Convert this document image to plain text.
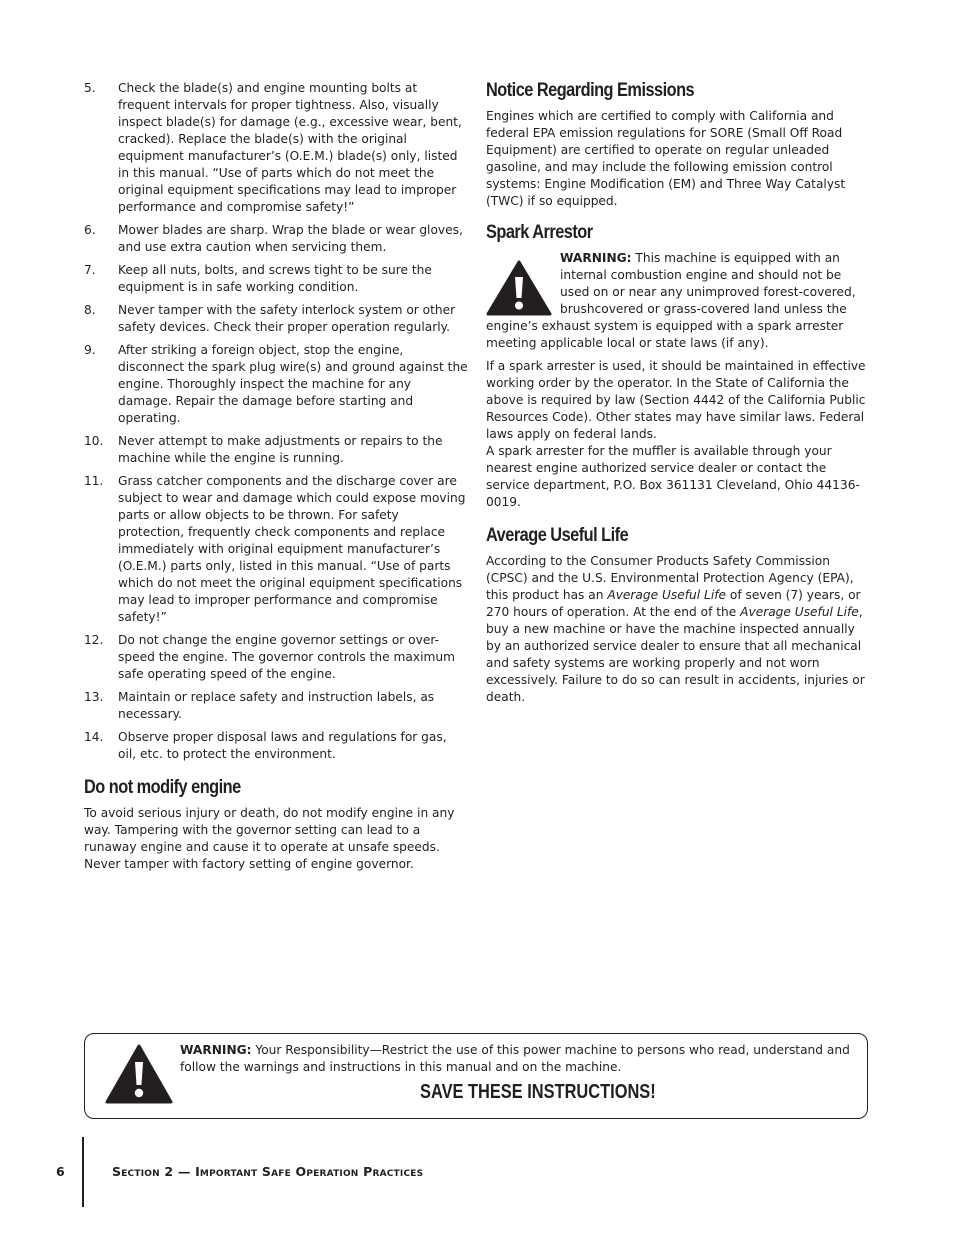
5. Check the blade(s) and engine mounting bolts at frequent intervals for proper tightness. Also, visually inspect blade(s) for damage (e.g., excessive wear, bent, cracked). Replace the blade(s) with the original equipment manufacturer’s (O.E.M.) blade(s) only, listed in this manual. “Use of parts which do not meet the original equipment specifications may lead to improper performance and compromise safety!”
6. Mower blades are sharp. Wrap the blade or wear gloves, and use extra caution when servicing them.
7. Keep all nuts, bolts, and screws tight to be sure the equipment is in safe working condition.
8. Never tamper with the safety interlock system or other safety devices. Check their proper operation regularly.
9. After striking a foreign object, stop the engine, disconnect the spark plug wire(s) and ground against the engine. Thoroughly inspect the machine for any damage. Repair the damage before starting and operating.
10. Never attempt to make adjustments or repairs to the machine while the engine is running.
11. Grass catcher components and the discharge cover are subject to wear and damage which could expose moving parts or allow objects to be thrown. For safety protection, frequently check components and replace immediately with original equipment manufacturer’s (O.E.M.) parts only, listed in this manual. “Use of parts which do not meet the original equipment specifications may lead to improper performance and compromise safety!”
12. Do not change the engine governor settings or over-speed the engine. The governor controls the maximum safe operating speed of the engine.
13. Maintain or replace safety and instruction labels, as necessary.
14. Observe proper disposal laws and regulations for gas, oil, etc. to protect the environment.
Do not modify engine

To avoid serious injury or death, do not modify engine in any way. Tampering with the governor setting can lead to a runaway engine and cause it to operate at unsafe speeds. Never tamper with factory setting of engine governor.

Notice Regarding Emissions

Engines which are certified to comply with California and federal EPA emission regulations for SORE (Small Off Road Equipment) are certified to operate on regular unleaded gasoline, and may include the following emission control systems: Engine Modification (EM) and Three Way Catalyst (TWC) if so equipped.

Spark Arrestor
WARNING: This machine is equipped with an internal combustion engine and should not be used on or near any unimproved forest-covered, brushcovered or grass-covered land unless the engine’s exhaust system is equipped with a spark arrester meeting applicable local or state laws (if any).

If a spark arrester is used, it should be maintained in effective working order by the operator. In the State of California the above is required by law (Section 4442 of the California Public Resources Code). Other states may have similar laws. Federal laws apply on federal lands.

A spark arrester for the muffler is available through your nearest engine authorized service dealer or contact the service department, P.O. Box 361131 Cleveland, Ohio 44136-0019.

Average Useful Life

According to the Consumer Products Safety Commission (CPSC) and the U.S. Environmental Protection Agency (EPA), this product has an Average Useful Life of seven (7) years, or 270 hours of operation. At the end of the Average Useful Life, buy a new machine or have the machine inspected annually by an authorized service dealer to ensure that all mechanical and safety systems are working properly and not worn excessively. Failure to do so can result in accidents, injuries or death.

WARNING: Your Responsibility—Restrict the use of this power machine to persons who read, understand and follow the warnings and instructions in this manual and on the machine.
SAVE THESE INSTRUCTIONS!
6	Section 2 — Important Safe Operation Practices
